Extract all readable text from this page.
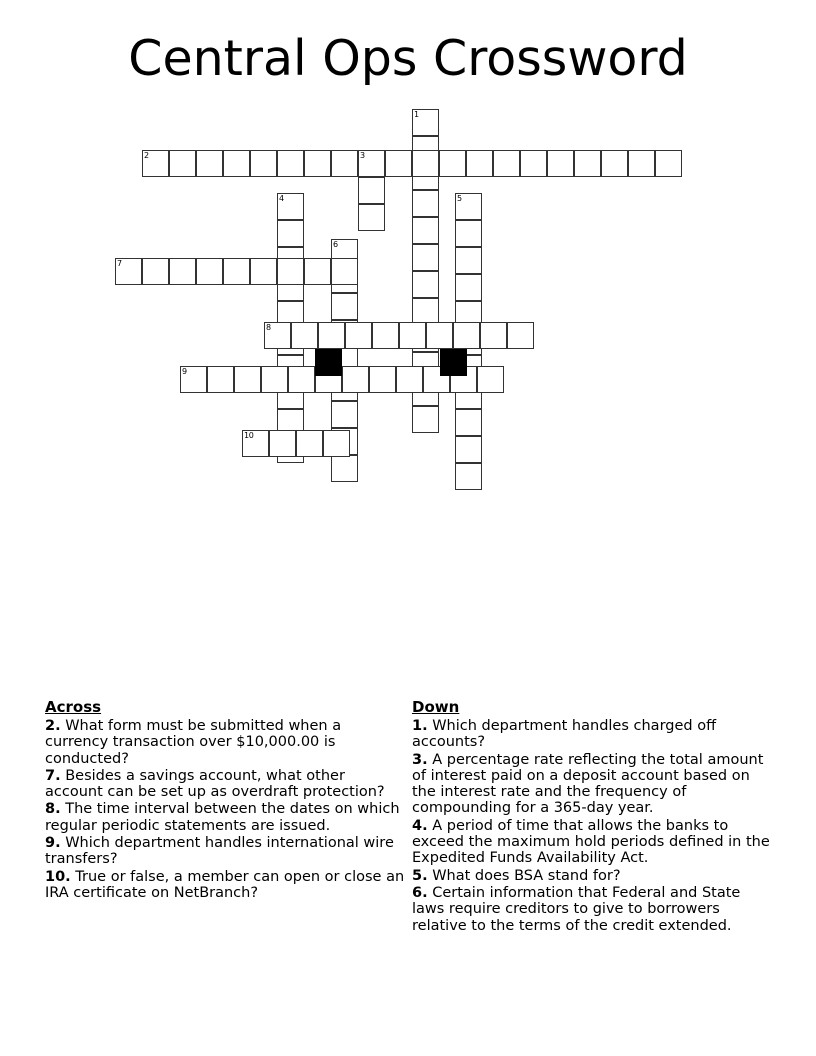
Central Ops Crossword
1
2	3
4	5
6
7
8
9
10
Across

2. What form must be submitted when a currency transaction over $10,000.00 is conducted?

7. Besides a savings account, what other account can be set up as overdraft protection?

8. The time interval between the dates on which regular periodic statements are issued.

9. Which department handles international wire transfers?

10. True or false, a member can open or close an IRA certificate on NetBranch?

Down

1. Which department handles charged off accounts?

3. A percentage rate reflecting the total amount of interest paid on a deposit account based on the interest rate and the frequency of compounding for a 365-day year.

4. A period of time that allows the banks to exceed the maximum hold periods defined in the Expedited Funds Availability Act.

5. What does BSA stand for?

6. Certain information that Federal and State laws require creditors to give to borrowers relative to the terms of the credit extended.
